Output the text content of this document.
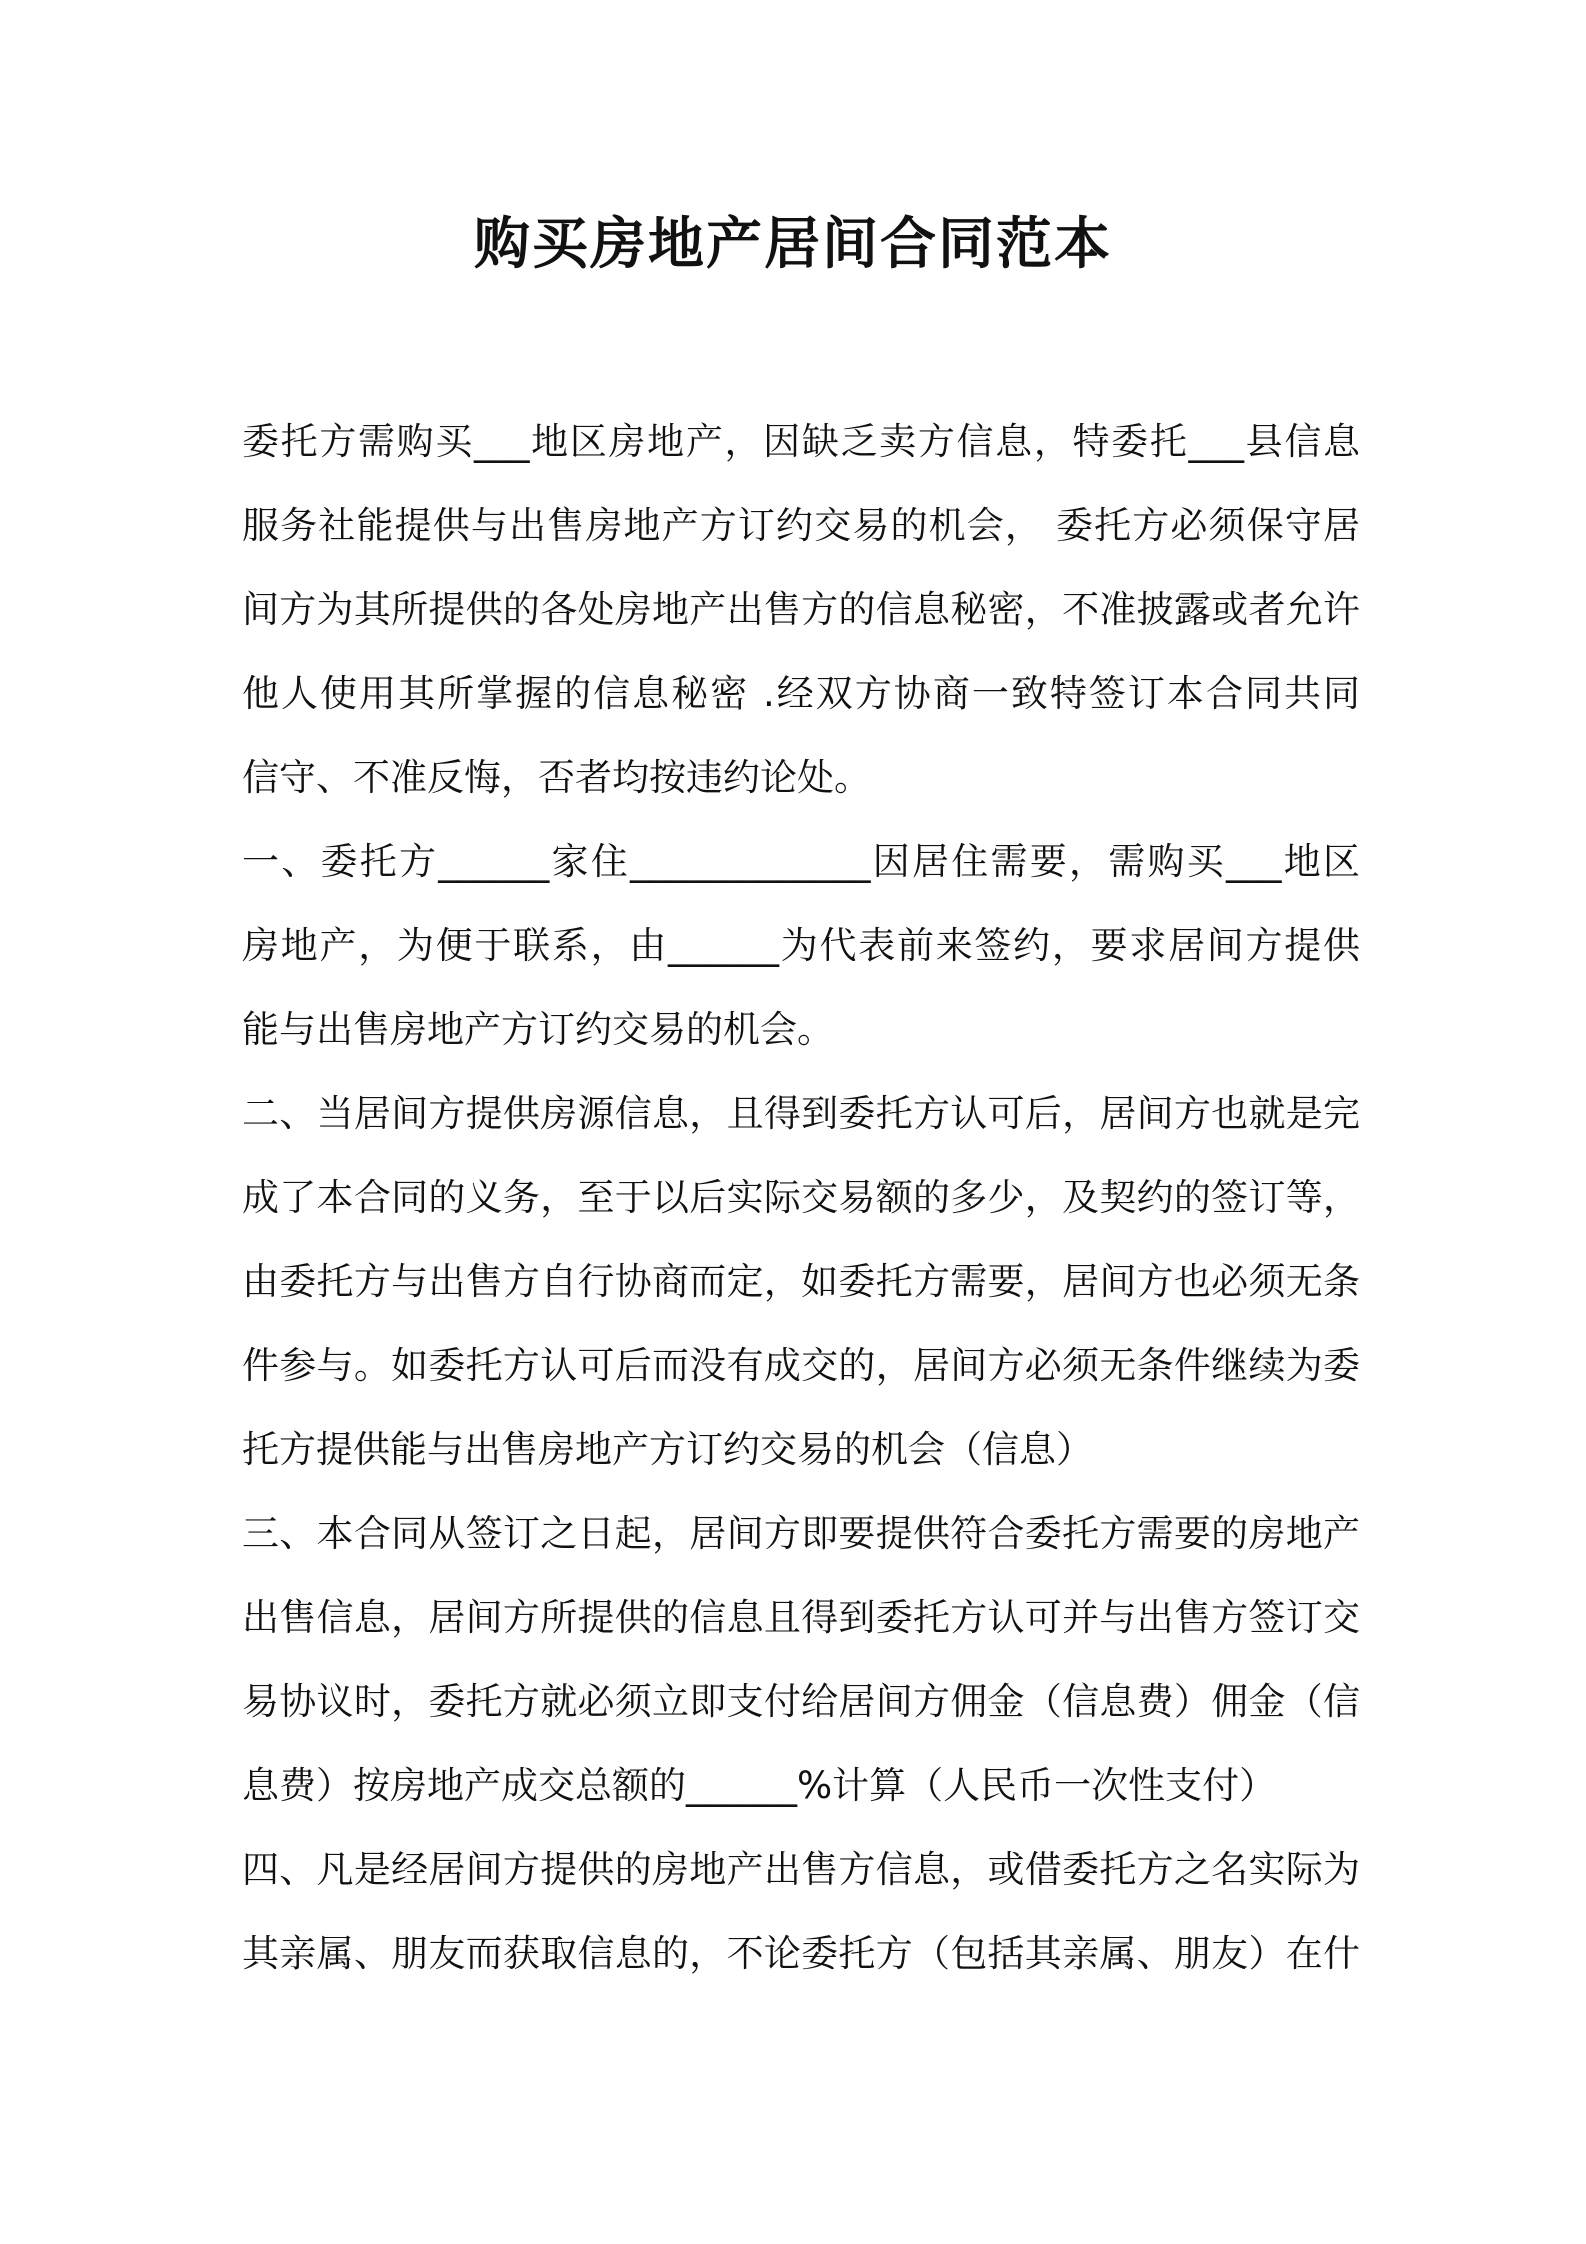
购买房地产居间合同范本
委托方需购买___地区房地产，因缺乏卖方信息，特委托___县信息
服务社能提供与出售房地产方订约交易的机会， 委托方必须保守居
间方为其所提供的各处房地产出售方的信息秘密，不准披露或者允许
他人使用其所掌握的信息秘密 .经双方协商一致特签订本合同共同
信守、不准反悔，否者均按违约论处。
一、委托方______家住_____________因居住需要，需购买___地区
房地产，为便于联系，由______为代表前来签约，要求居间方提供
能与出售房地产方订约交易的机会。
二、当居间方提供房源信息，且得到委托方认可后，居间方也就是完
成了本合同的义务，至于以后实际交易额的多少，及契约的签订等，
由委托方与出售方自行协商而定，如委托方需要，居间方也必须无条
件参与。如委托方认可后而没有成交的，居间方必须无条件继续为委
托方提供能与出售房地产方订约交易的机会（信息）
三、本合同从签订之日起，居间方即要提供符合委托方需要的房地产
出售信息，居间方所提供的信息且得到委托方认可并与出售方签订交
易协议时，委托方就必须立即支付给居间方佣金（信息费）佣金（信
息费）按房地产成交总额的______%计算（人民币一次性支付）
四、凡是经居间方提供的房地产出售方信息，或借委托方之名实际为
其亲属、朋友而获取信息的，不论委托方（包括其亲属、朋友）在什
